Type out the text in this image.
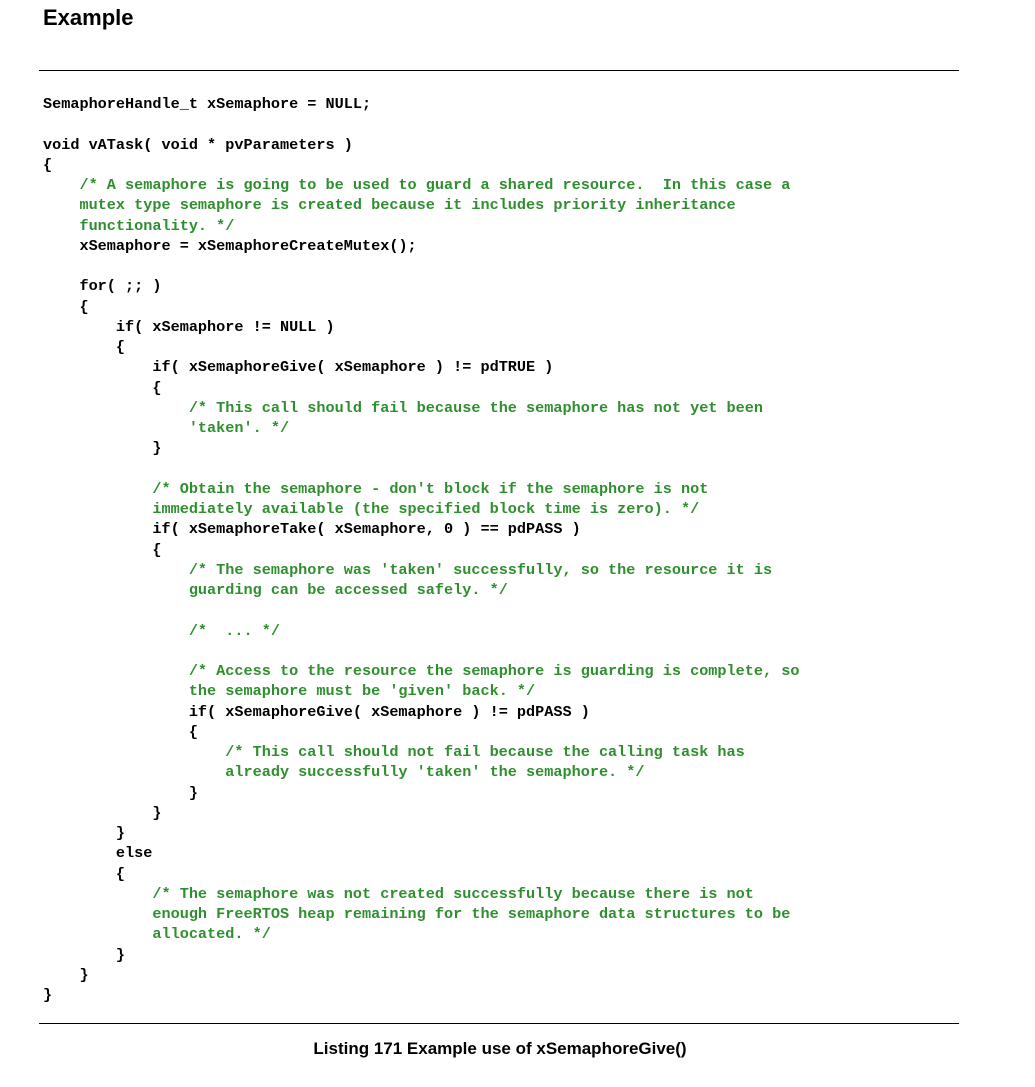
Example
SemaphoreHandle_t xSemaphore = NULL;
void vATask( void * pvParameters )
{
/* A semaphore is going to be used to guard a shared resource.  In this case a
mutex type semaphore is created because it includes priority inheritance
functionality. */
xSemaphore = xSemaphoreCreateMutex();
for( ;; )
{
if( xSemaphore != NULL )
{
if( xSemaphoreGive( xSemaphore ) != pdTRUE )
{
/* This call should fail because the semaphore has not yet been
'taken'. */
}
/* Obtain the semaphore - don't block if the semaphore is not
immediately available (the specified block time is zero). */
if( xSemaphoreTake( xSemaphore, 0 ) == pdPASS )
{
/* The semaphore was 'taken' successfully, so the resource it is
guarding can be accessed safely. */
/*  ... */
/* Access to the resource the semaphore is guarding is complete, so
the semaphore must be 'given' back. */
if( xSemaphoreGive( xSemaphore ) != pdPASS )
{
/* This call should not fail because the calling task has
already successfully 'taken' the semaphore. */
}
}
}
else
{
/* The semaphore was not created successfully because there is not
enough FreeRTOS heap remaining for the semaphore data structures to be
allocated. */
}
}
}
Listing 171 Example use of xSemaphoreGive()
